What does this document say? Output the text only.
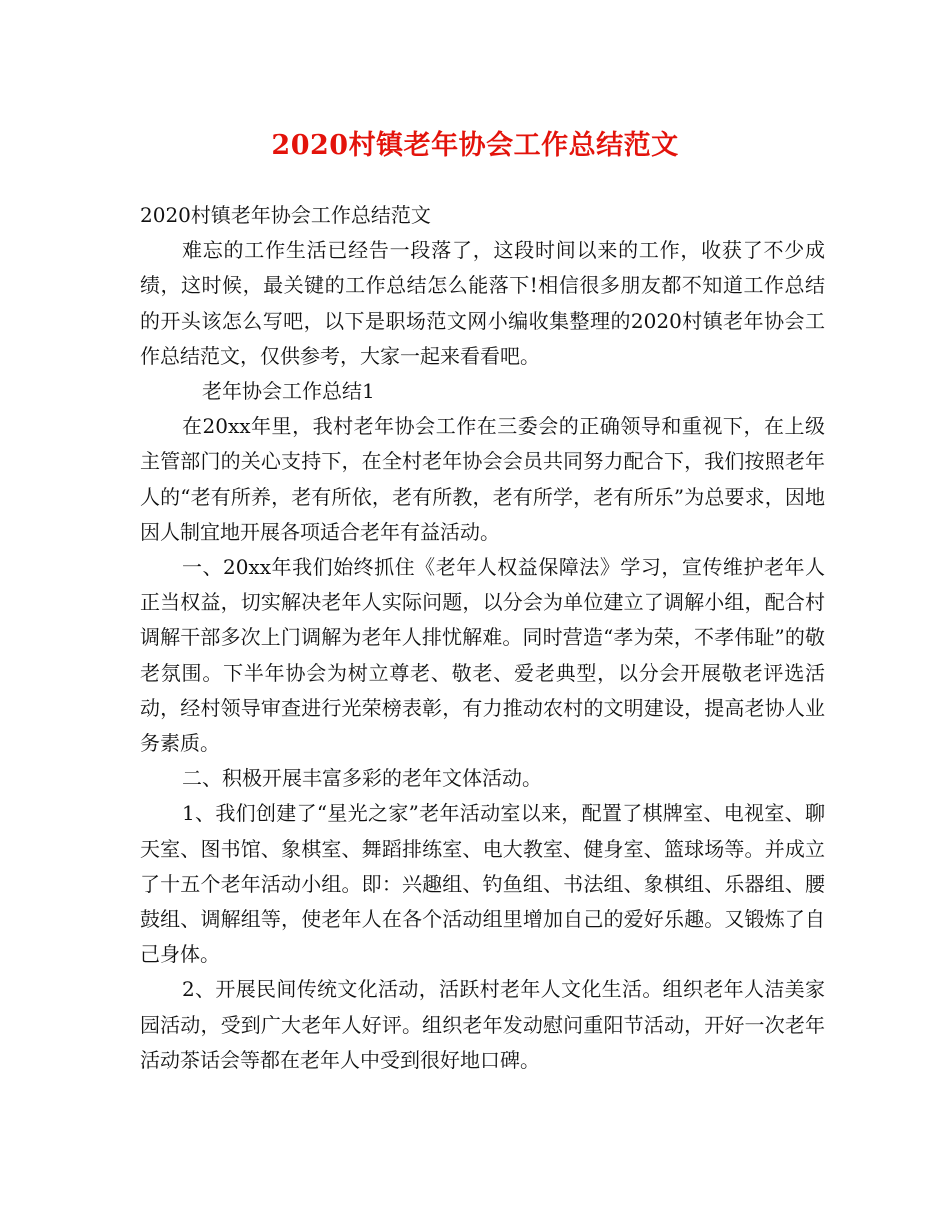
2020村镇老年协会工作总结范文

2020村镇老年协会工作总结范文

难忘的工作生活已经告一段落了，这段时间以来的工作，收获了不少成绩，这时候，最关键的工作总结怎么能落下!相信很多朋友都不知道工作总结的开头该怎么写吧，以下是职场范文网小编收集整理的2020村镇老年协会工作总结范文，仅供参考，大家一起来看看吧。

老年协会工作总结1

在20xx年里，我村老年协会工作在三委会的正确领导和重视下，在上级主管部门的关心支持下，在全村老年协会会员共同努力配合下，我们按照老年人的“老有所养，老有所依，老有所教，老有所学，老有所乐”为总要求，因地因人制宜地开展各项适合老年有益活动。

一、20xx年我们始终抓住《老年人权益保障法》学习，宣传维护老年人正当权益，切实解决老年人实际问题，以分会为单位建立了调解小组，配合村调解干部多次上门调解为老年人排忧解难。同时营造“孝为荣，不孝伟耻”的敬老氛围。下半年协会为树立尊老、敬老、爱老典型，以分会开展敬老评选活动，经村领导审查进行光荣榜表彰，有力推动农村的文明建设，提高老协人业务素质。

二、积极开展丰富多彩的老年文体活动。

1、我们创建了“星光之家”老年活动室以来，配置了棋牌室、电视室、聊天室、图书馆、象棋室、舞蹈排练室、电大教室、健身室、篮球场等。并成立了十五个老年活动小组。即：兴趣组、钓鱼组、书法组、象棋组、乐器组、腰鼓组、调解组等，使老年人在各个活动组里增加自己的爱好乐趣。又锻炼了自己身体。

2、开展民间传统文化活动，活跃村老年人文化生活。组织老年人洁美家园活动，受到广大老年人好评。组织老年发动慰问重阳节活动，开好一次老年活动茶话会等都在老年人中受到很好地口碑。
